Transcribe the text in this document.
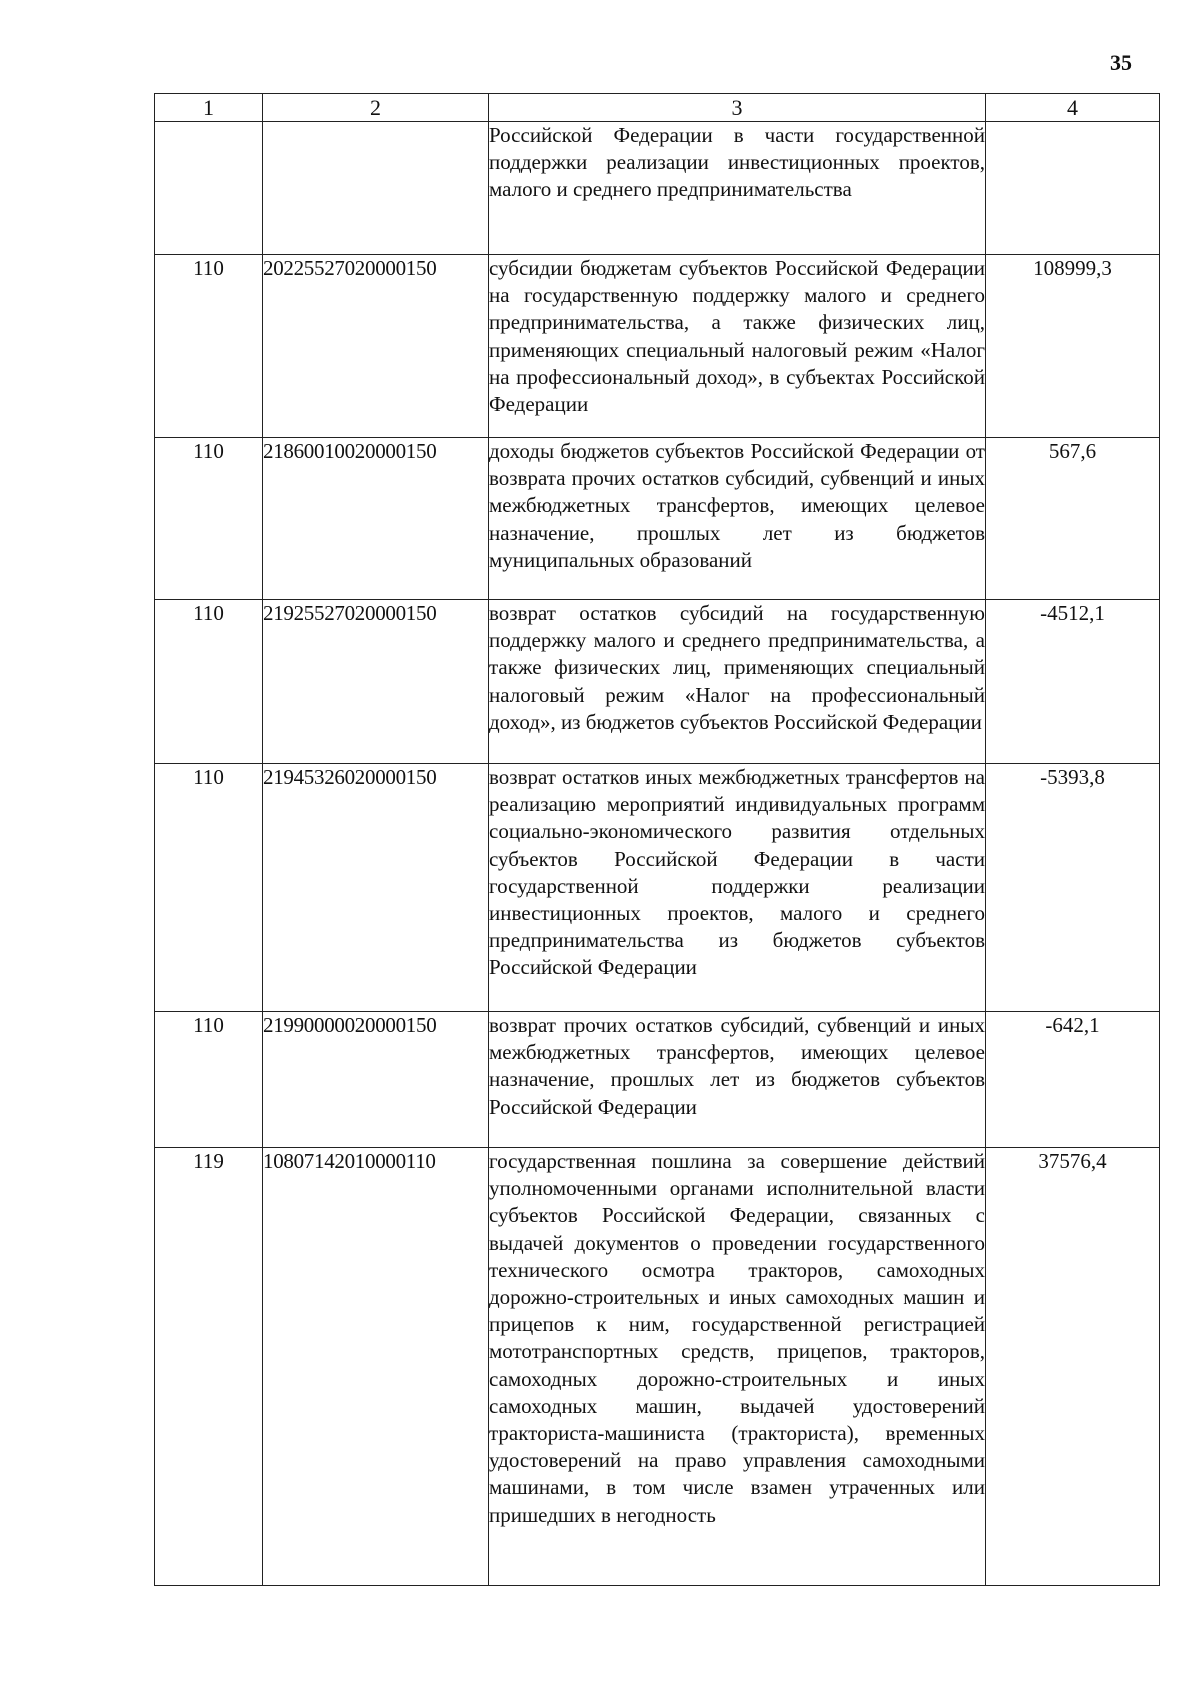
35
1	2	3	4
		Российской Федерации в части государственной поддержки реализации инвестиционных проектов, малого и среднего предпринимательства	
110	20225527020000150	субсидии бюджетам субъектов Российской Федерации на государственную поддержку малого и среднего предпринимательства, а также физических лиц, применяющих специальный налоговый режим «Налог на профессиональный доход», в субъектах Российской Федерации	108999,3
110	21860010020000150	доходы бюджетов субъектов Российской Федерации от возврата прочих остатков субсидий, субвенций и иных межбюджетных трансфертов, имеющих целевое назначение, прошлых лет из бюджетов муниципальных образований	567,6
110	21925527020000150	возврат остатков субсидий на государственную поддержку малого и среднего предпринимательства, а также физических лиц, применяющих специальный налоговый режим «Налог на профессиональный доход», из бюджетов субъектов Российской Федерации	-4512,1
110	21945326020000150	возврат остатков иных межбюджетных трансфертов на реализацию мероприятий индивидуальных программ социально-экономического развития отдельных субъектов Российской Федерации в части государственной поддержки реализации инвестиционных проектов, малого и среднего предпринимательства из бюджетов субъектов Российской Федерации	-5393,8
110	21990000020000150	возврат прочих остатков субсидий, субвенций и иных межбюджетных трансфертов, имеющих целевое назначение, прошлых лет из бюджетов субъектов Российской Федерации	-642,1
119	10807142010000110	государственная пошлина за совершение действий уполномоченными органами исполнительной власти субъектов Российской Федерации, связанных с выдачей документов о проведении государственного технического осмотра тракторов, самоходных дорожно-строительных и иных самоходных машин и прицепов к ним, государственной регистрацией мототранспортных средств, прицепов, тракторов, самоходных дорожно-строительных и иных самоходных машин, выдачей удостоверений тракториста-машиниста (тракториста), временных удостоверений на право управления самоходными машинами, в том числе взамен утраченных или пришедших в негодность	37576,4
